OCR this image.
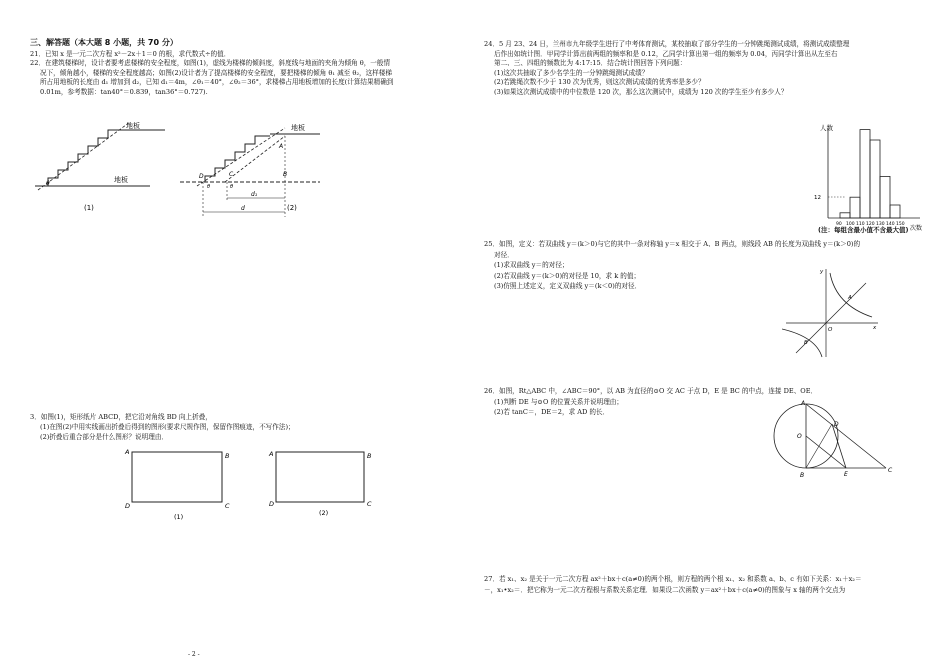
三、解答题（本大题 8 小题，共 70 分）

21．已知 x 是一元二次方程 x²－2x＋1＝0 的根，求代数式÷的值．

22．在建筑楼梯时，设计者要考虑楼梯的安全程度，如图(1)，虚线为楼梯的倾斜度，斜度线与地面的夹角为倾角 θ，一般情

况下，倾角越小，楼梯的安全程度越高；如图(2)设计者为了提高楼梯的安全程度，要把楼梯的倾角 θ₁ 减至 θ₂，这样楼梯

所占用地板的长度由 d₁ 增加到 d₂，已知 d₁＝4m，∠θ₁＝40°，∠θ₂＝36°，求楼梯占用地板增加的长度(计算结果精确到

0.01m，参考数据：tan40°＝0.839，tan36°＝0.727).

地板
地板
θ
(1)
A
B
C
D
θ	θ
d₁
d
地板
(2)

3．如图(1)，矩形纸片 ABCD，把它沿对角线 BD 向上折叠，

(1)在图(2)中用实线画出折叠后得到的图形(要求尺规作图，保留作图痕迹，不写作法)；

(2)折叠后重合部分是什么图形？说明理由．

A	B
C
D
(1)
A	B
C
D
(2)

24．5 月 23、24 日，兰州市九年级学生进行了中考体育测试，某校抽取了部分学生的一分钟跳绳测试成绩，将测试成绩整理

后作出如统计图．甲同学计算出前两组的频率和是 0.12，乙同学计算出第一组的频率为 0.04，丙同学计算出从左至右

第二、三、四组的频数比为 4:17:15．结合统计图回答下列问题：

(1)这次共抽取了多少名学生的一分钟跳绳测试成绩？

(2)若跳绳次数不少于 130 次为优秀，则这次测试成绩的优秀率是多少？

(3)如果这次测试成绩中的中位数是 120 次，那么这次测试中，成绩为 120 次的学生至少有多少人？

人数
次数
12
90 100 110 120 130 140 150
(注：每组含最小值不含最大值)

25．如图，定义：若双曲线 y＝(k＞0)与它的其中一条对称轴 y＝x 相交于 A、B 两点，则线段 AB 的长度为双曲线 y＝(k＞0)的

对径．

(1)求双曲线 y＝的对径；

(2)若双曲线 y＝(k＞0)的对径是 10，求 k 的值；

(3)仿照上述定义，定义双曲线 y＝(k＜0)的对径．

y
x
O
A
B

26．如图，Rt△ABC 中，∠ABC＝90°，以 AB 为直径的⊙O 交 AC 于点 D，E 是 BC 的中点，连接 DE、OE．

(1)判断 DE 与⊙O 的位置关系并说明理由；

(2)若 tanC＝，DE＝2，求 AD 的长．

A
B
C
D
E
O

27．若 x₁、x₂ 是关于一元二次方程 ax²＋bx＋c(a≠0)的两个根，则方程的两个根 x₁、x₂ 和系数 a、b、c 有如下关系：x₁＋x₂＝

－，x₁•x₂＝．把它称为一元二次方程根与系数关系定理．如果设二次函数 y＝ax²＋bx＋c(a≠0)的图象与 x 轴的两个交点为

- 2 -
